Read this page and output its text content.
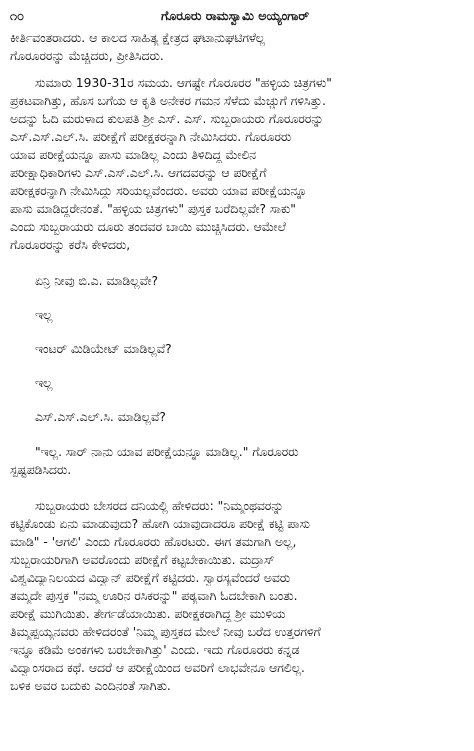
೧೦	ಗೊರೂರು ರಾಮಸ್ವಾಮಿ ಅಯ್ಯಂಗಾರ್
ಕೀರ್ತಿವಂತರಾದರು. ಆ ಕಾಲದ ಸಾಹಿತ್ಯ ಕ್ಷೇತ್ರದ ಘಟಾನುಘಟಿಗಳೆಲ್ಲ
ಗೊರೂರರನ್ನು ಮೆಚ್ಚಿದರು, ಪ್ರೀತಿಸಿದರು.
ಸುಮಾರು 1930-31ರ ಸಮಯ. ಆಗಷ್ಟೇ ಗೊರೂರರ "ಹಳ್ಳಿಯ ಚಿತ್ರಗಳು"
ಪ್ರಕಟವಾಗಿತ್ತು, ಹೊಸ ಬಗೆಯ ಆ ಕೃತಿ ಅನೇಕರ ಗಮನ ಸೆಳೆದು ಮೆಚ್ಚುಗೆ ಗಳಿಸಿತ್ತು.
ಅದನ್ನು ಓದಿ ಮರುಳಾದ ಕುಲಪತಿ ಶ್ರೀ ಎಸ್. ಎಸ್. ಸುಬ್ಬರಾಯರು ಗೊರೂರರನ್ನು
ಎಸ್.ಎಸ್.ಎಲ್.ಸಿ. ಪರೀಕ್ಷೆಗೆ ಪರೀಕ್ಷಕರನ್ನಾಗಿ ನೇಮಿಸಿದರು. ಗೊರೂರರು
ಯಾವ ಪರೀಕ್ಷೆಯನ್ನೂ ಪಾಸು ಮಾಡಿಲ್ಲ ಎಂದು ತಿಳಿದಿದ್ದ ಮೇಲಿನ
ಪರೀಕ್ಷಾಧಿಕಾರಿಗಳು ಎಸ್.ಎಸ್.ಎಲ್.ಸಿ. ಆಗದವರನ್ನು ಆ ಪರೀಕ್ಷೆಗೆ
ಪರೀಕ್ಷಕರನ್ನಾಗಿ ನೇಮಿಸಿದ್ದು ಸರಿಯಲ್ಲವೆಂದರು. ಅವರು ಯಾವ ಪರೀಕ್ಷೆಯನ್ನೂ
ಪಾಸು ಮಾಡಿದ್ದರೇನಂತೆ. "ಹಳ್ಳಿಯ ಚಿತ್ರಗಳು" ಪುಸ್ತಕ ಬರೆದಿಲ್ಲವೇ? ಸಾಕು"
ಎಂದು ಸುಬ್ಬರಾಯರು ದೂರು ತಂದವರ ಬಾಯಿ ಮುಚ್ಚಿಸಿದರು. ಆಮೇಲೆ
ಗೊರೂರರನ್ನು ಕರೆಸಿ ಕೇಳಿದರು,
ಏನ್ರಿ ನೀವು ಬಿ.ಎ. ಮಾಡಿಲ್ಲವೇ?
ಇಲ್ಲ
ಇಂಟರ್ ಮಿಡಿಯೇಟ್ ಮಾಡಿಲ್ಲವೆ?
ಇಲ್ಲ
ಎಸ್.ಎಸ್.ಎಲ್.ಸಿ. ಮಾಡಿಲ್ಲವೆ?
"ಇಲ್ಲ. ಸಾರ್ ನಾನು ಯಾವ ಪರೀಕ್ಷೆಯನ್ನೂ ಮಾಡಿಲ್ಲ." ಗೊರೂರರು
ಸ್ಪಷ್ಟಪಡಿಸಿದರು.
ಸುಬ್ಬರಾಯರು ಬೇಸರದ ದನಿಯಲ್ಲಿ ಹೇಳಿದರು: "ನಿಮ್ಮಂಥವರನ್ನು
ಕಟ್ಟಿಕೊಂಡು ಏನು ಮಾಡುವುದು? ಹೋಗಿ ಯಾವುದಾದರೂ ಪರೀಕ್ಷೆ ಕಟ್ಟಿ ಪಾಸು
ಮಾಡಿ" - 'ಆಗಲಿ' ಎಂದು ಗೊರೂರರು ಹೊರಟರು. ಈಗ ತಮಗಾಗಿ ಅಲ್ಲ,
ಸುಬ್ಬರಾಯರಿಗಾಗಿ ಅವರೊಂದು ಪರೀಕ್ಷೆಗೆ ಕಟ್ಟಬೇಕಾಯಿತು. ಮದ್ರಾಸ್
ವಿಶ್ವವಿದ್ಯಾನಿಲಯದ ವಿದ್ವಾನ್ ಪರೀಕ್ಷೆಗೆ ಕಟ್ಟಿದರು. ಸ್ವಾರಸ್ಯವೆಂದರೆ ಅವರು
ತಮ್ಮದೇ ಪುಸ್ತಕ "ನಮ್ಮ ಊರಿನ ರಸಿಕರನ್ನು" ಪಠ್ಯವಾಗಿ ಓದಬೇಕಾಗಿ ಬಂತು.
ಪರೀಕ್ಷೆ ಮುಗಿಯಿತು. ತೇರ್ಗಡೆಯಾಯಿತು. ಪರೀಕ್ಷಕರಾಗಿದ್ದ ಶ್ರೀ ಮುಳಿಯ
ತಿಮ್ಮಪ್ಪಯ್ಯನವರು ಹೇಳಿದರಂತೆ 'ನಿಮ್ಮ ಪುಸ್ತಕದ ಮೇಲೆ ನೀವು ಬರೆದ ಉತ್ತರಗಳಿಗೆ
ಇನ್ನೂ ಕಡಿಮೆ ಅಂಕಗಳು ಬರಬೇಕಾಗಿತ್ತು' ಎಂದು. ಇದು ಗೊರೂರರು ಕನ್ನಡ
ವಿದ್ವಾಂಸರಾದ ಕಥೆ. ಆದರೆ ಆ ಪರೀಕ್ಷೆಯಿಂದ ಅವರಿಗೆ ಲಾಭವೇನೂ ಆಗಲಿಲ್ಲ.
ಬಳಿಕ ಅವರ ಬದುಕು ಎಂದಿನಂತೆ ಸಾಗಿತು.
